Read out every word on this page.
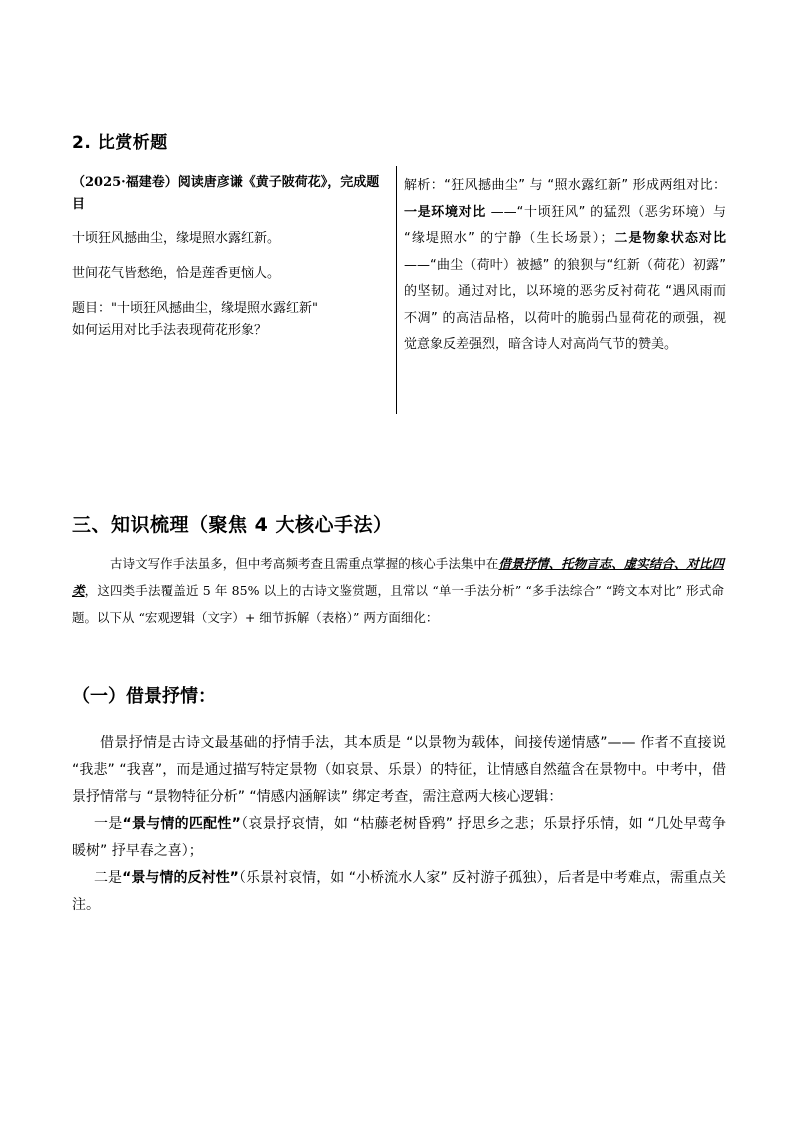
2. 比赏析题

（2025·福建卷）阅读唐彦谦《黄子陂荷花》，完成题目

十顷狂风撼曲尘，缘堤照水露红新。

世间花气皆愁绝，恰是莲香更恼人。

题目："十顷狂风撼曲尘，缘堤照水露红新"

如何运用对比手法表现荷花形象？

解析：“狂风撼曲尘” 与 “照水露红新” 形成两组对比：一是环境对比 ——“十顷狂风” 的猛烈（恶劣环境）与 “缘堤照水” 的宁静（生长场景）；二是物象状态对比 ——“曲尘（荷叶）被撼” 的狼狈与“红新（荷花）初露” 的坚韧。通过对比，以环境的恶劣反衬荷花 “遇风雨而不凋” 的高洁品格，以荷叶的脆弱凸显荷花的顽强，视觉意象反差强烈，暗含诗人对高尚气节的赞美。
三、知识梳理（聚焦 4 大核心手法）
古诗文写作手法虽多，但中考高频考查且需重点掌握的核心手法集中在借景抒情、托物言志、虚实结合、对比四类，这四类手法覆盖近 5 年 85% 以上的古诗文鉴赏题，且常以 “单一手法分析” “多手法综合” “跨文本对比” 形式命题。以下从 “宏观逻辑（文字）+ 细节拆解（表格）” 两方面细化：
（一）借景抒情：

借景抒情是古诗文最基础的抒情手法，其本质是 “以景物为载体，间接传递情感”—— 作者不直接说 “我悲” “我喜”，而是通过描写特定景物（如哀景、乐景）的特征，让情感自然蕴含在景物中。中考中，借景抒情常与 “景物特征分析” “情感内涵解读” 绑定考查，需注意两大核心逻辑：

一是“景与情的匹配性”（哀景抒哀情，如 “枯藤老树昏鸦” 抒思乡之悲；乐景抒乐情，如 “几处早莺争暖树” 抒早春之喜）；

二是“景与情的反衬性”（乐景衬哀情，如 “小桥流水人家” 反衬游子孤独），后者是中考难点，需重点关注。
